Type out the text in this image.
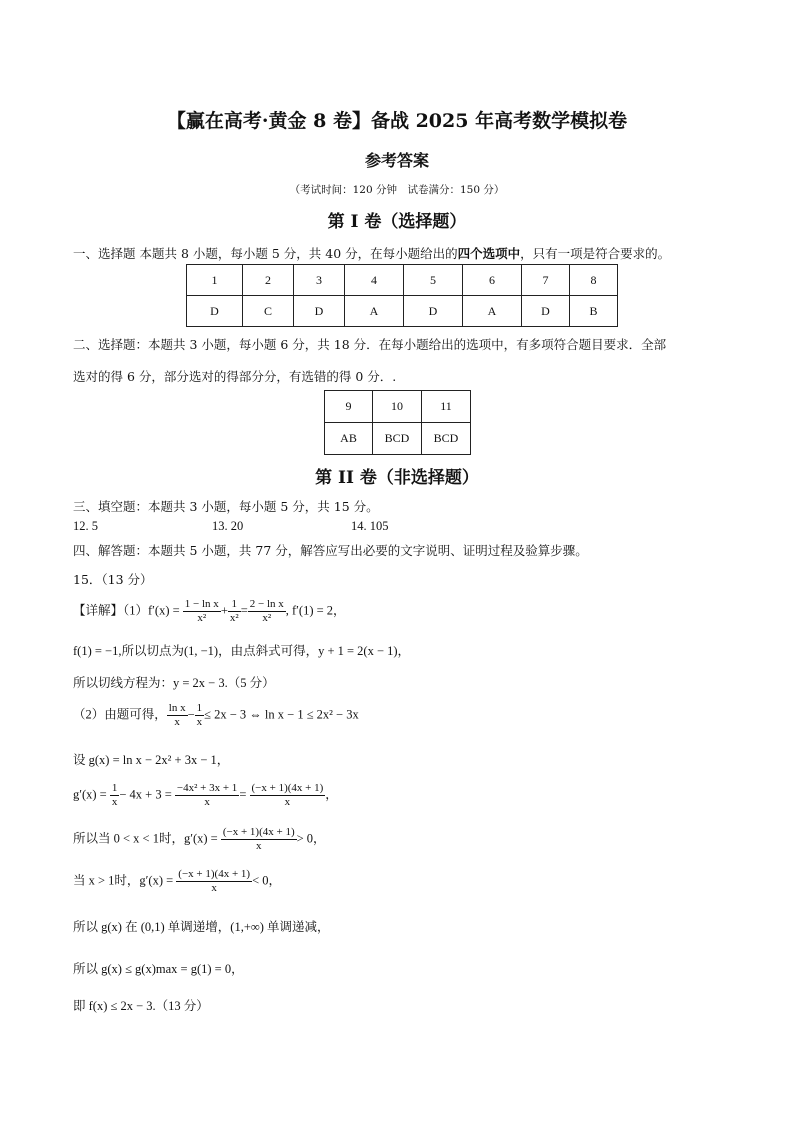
【赢在高考·黄金 8 卷】备战 2025 年高考数学模拟卷
参考答案
（考试时间：120 分钟　试卷满分：150 分）
第 I 卷（选择题）
一、选择题 本题共 8 小题，每小题 5 分，共 40 分，在每小题给出的四个选项中，只有一项是符合要求的。
1	2	3	4	5	6	7	8
D	C	D	A	D	A	D	B
二、选择题：本题共 3 小题，每小题 6 分，共 18 分．在每小题给出的选项中，有多项符合题目要求．全部
选对的得 6 分，部分选对的得部分分，有选错的得 0 分．.
9	10	11
AB	BCD	BCD
第 II 卷（非选择题）
三、填空题：本题共 3 小题，每小题 5 分，共 15 分。
12. 5	13. 20	14. 105
四、解答题：本题共 5 小题，共 77 分，解答应写出必要的文字说明、证明过程及验算步骤。
15．（13 分）
【详解】$(1)f'(x) = \frac{\text{1 − ln x}}{\text{x²}} + \frac{1}{\text{x²}} = \frac{\text{2 − ln x}}{\text{x²}}$ , f′(1) = 2，
f(1) = −1,所以切点为(1, −1)，由点斜式可得，y + 1 = 2(x − 1)，
所以切线方程为：y = 2x − 3.（5 分）
（2）由题可得， $\frac{\text{ln x}}{x} - \frac{1}{x} \le 2x - 3$ ⇔ ln x − 1 ≤ 2x² − 3x
设 g(x) = ln x − 2x² + 3x − 1，
$g'(x) = \frac{1}{x} - 4x + 3 = \frac{\text{−4x² + 3x + 1}}{x} = \frac{(-x + 1)(4x + 1)}{x}$ ，
所以当 0 < x < 1时，$g'(x) = \frac{(-x + 1)(4x + 1)}{x} > 0$，
当 x > 1时，$g'(x) = \frac{(-x + 1)(4x + 1)}{x} < 0$，
所以 g(x) 在 (0,1) 单调递增，(1,+∞) 单调递减，
所以 g(x) ≤ g(x)max = g(1) = 0，
即 f(x) ≤ 2x − 3.（13 分）
